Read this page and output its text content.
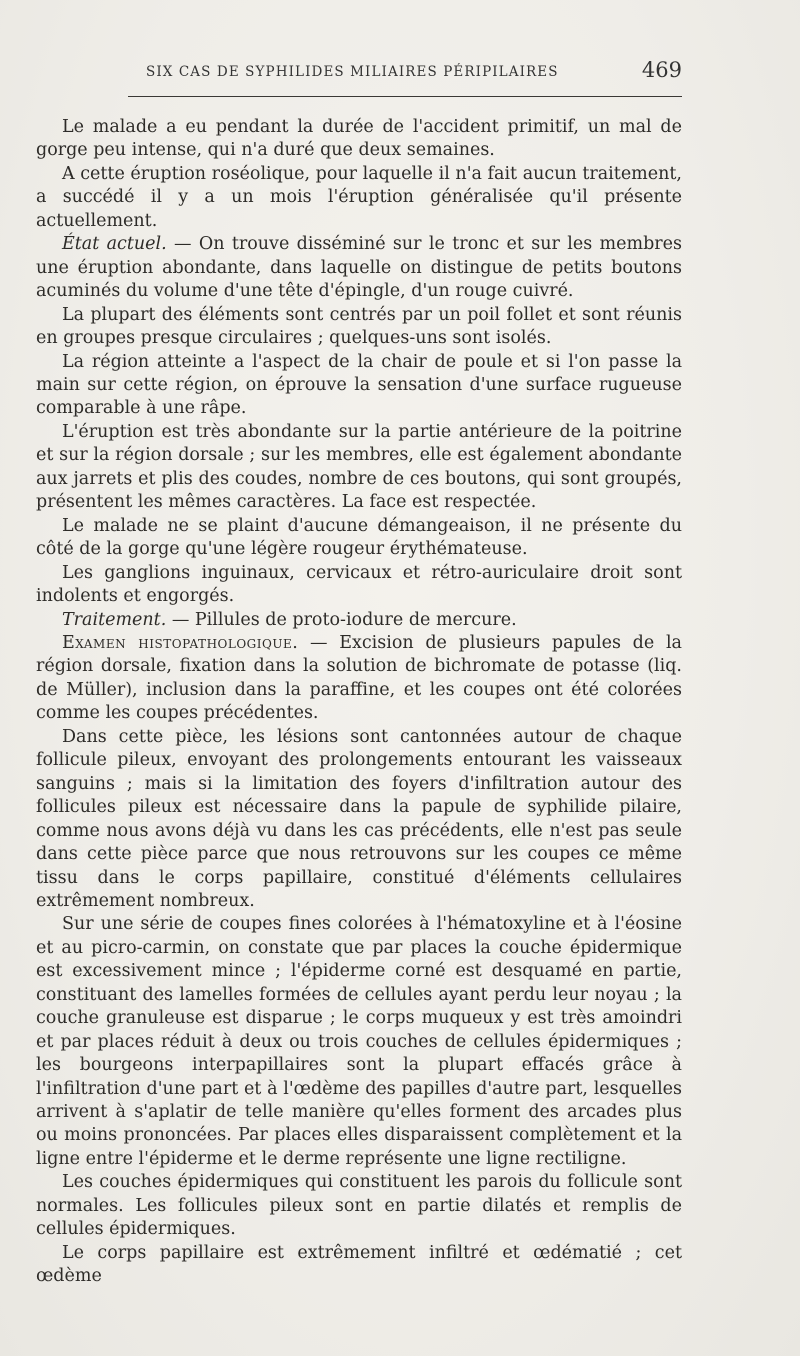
SIX CAS DE SYPHILIDES MILIAIRES PÉRIPILAIRES	469

Le malade a eu pendant la durée de l'accident primitif, un mal de gorge peu intense, qui n'a duré que deux semaines.

A cette éruption roséolique, pour laquelle il n'a fait aucun traitement, a succédé il y a un mois l'éruption généralisée qu'il présente actuellement.

État actuel. — On trouve disséminé sur le tronc et sur les membres une éruption abondante, dans laquelle on distingue de petits boutons acuminés du volume d'une tête d'épingle, d'un rouge cuivré.

La plupart des éléments sont centrés par un poil follet et sont réunis en groupes presque circulaires ; quelques-uns sont isolés.

La région atteinte a l'aspect de la chair de poule et si l'on passe la main sur cette région, on éprouve la sensation d'une surface rugueuse comparable à une râpe.

L'éruption est très abondante sur la partie antérieure de la poitrine et sur la région dorsale ; sur les membres, elle est également abondante aux jarrets et plis des coudes, nombre de ces boutons, qui sont groupés, présentent les mêmes caractères. La face est respectée.

Le malade ne se plaint d'aucune démangeaison, il ne présente du côté de la gorge qu'une légère rougeur érythémateuse.

Les ganglions inguinaux, cervicaux et rétro-auriculaire droit sont indolents et engorgés.

Traitement. — Pillules de proto-iodure de mercure.

Examen histopathologique. — Excision de plusieurs papules de la région dorsale, fixation dans la solution de bichromate de potasse (liq. de Müller), inclusion dans la paraffine, et les coupes ont été colorées comme les coupes précédentes.

Dans cette pièce, les lésions sont cantonnées autour de chaque follicule pileux, envoyant des prolongements entourant les vaisseaux sanguins ; mais si la limitation des foyers d'infiltration autour des follicules pileux est nécessaire dans la papule de syphilide pilaire, comme nous avons déjà vu dans les cas précédents, elle n'est pas seule dans cette pièce parce que nous retrouvons sur les coupes ce même tissu dans le corps papillaire, constitué d'éléments cellulaires extrêmement nombreux.

Sur une série de coupes fines colorées à l'hématoxyline et à l'éosine et au picro-carmin, on constate que par places la couche épidermique est excessivement mince ; l'épiderme corné est desquamé en partie, constituant des lamelles formées de cellules ayant perdu leur noyau ; la couche granuleuse est disparue ; le corps muqueux y est très amoindri et par places réduit à deux ou trois couches de cellules épidermiques ; les bourgeons interpapillaires sont la plupart effacés grâce à l'infiltration d'une part et à l'œdème des papilles d'autre part, lesquelles arrivent à s'aplatir de telle manière qu'elles forment des arcades plus ou moins prononcées. Par places elles disparaissent complètement et la ligne entre l'épiderme et le derme représente une ligne rectiligne.

Les couches épidermiques qui constituent les parois du follicule sont normales. Les follicules pileux sont en partie dilatés et remplis de cellules épidermiques.

Le corps papillaire est extrêmement infiltré et œdématié ; cet œdème
